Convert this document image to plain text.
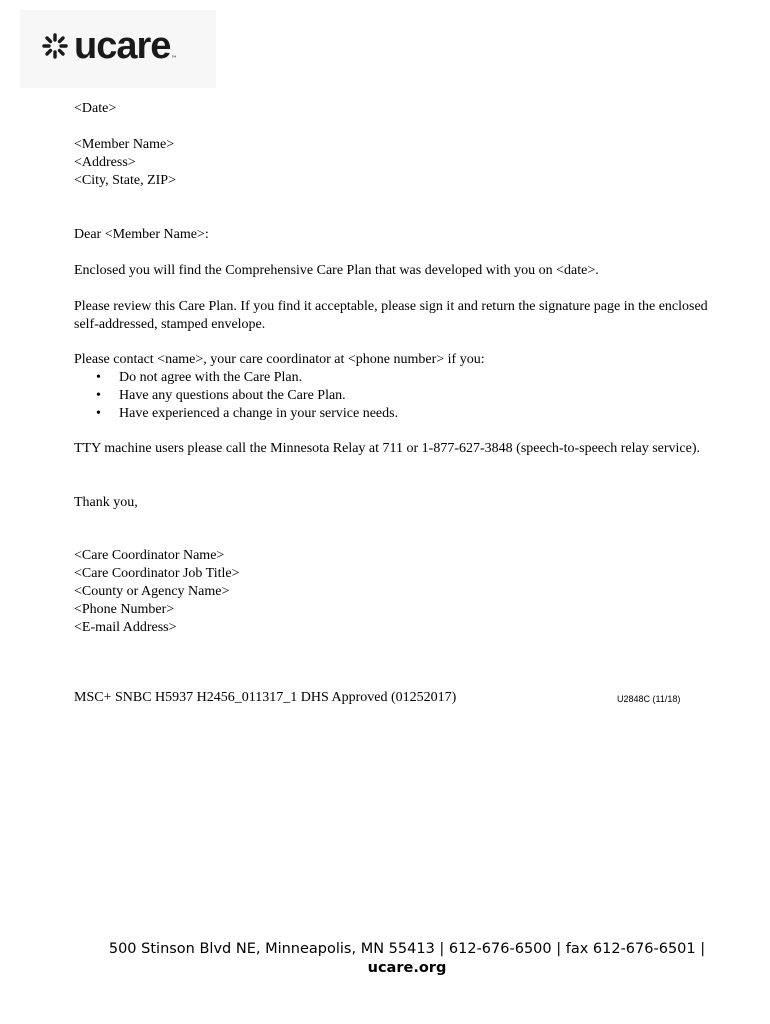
ucare ™

<Date>

<Member Name>

<Address>

<City, State, ZIP>

Dear <Member Name>:

Enclosed you will find the Comprehensive Care Plan that was developed with you on <date>.

Please review this Care Plan. If you find it acceptable, please sign it and return the signature page in the enclosed self-addressed, stamped envelope.

Please contact <name>, your care coordinator at <phone number> if you:

• Do not agree with the Care Plan.
• Have any questions about the Care Plan.
• Have experienced a change in your service needs.

TTY machine users please call the Minnesota Relay at 711 or 1-877-627-3848 (speech-to-speech relay service).

Thank you,

<Care Coordinator Name>

<Care Coordinator Job Title>

<County or Agency Name>

<Phone Number>

<E-mail Address>

MSC+ SNBC H5937 H2456_011317_1 DHS Approved (01252017)	U2848C (11/18)
500 Stinson Blvd NE, Minneapolis, MN 55413 | 612-676-6500 | fax 612-676-6501 |
ucare.org
